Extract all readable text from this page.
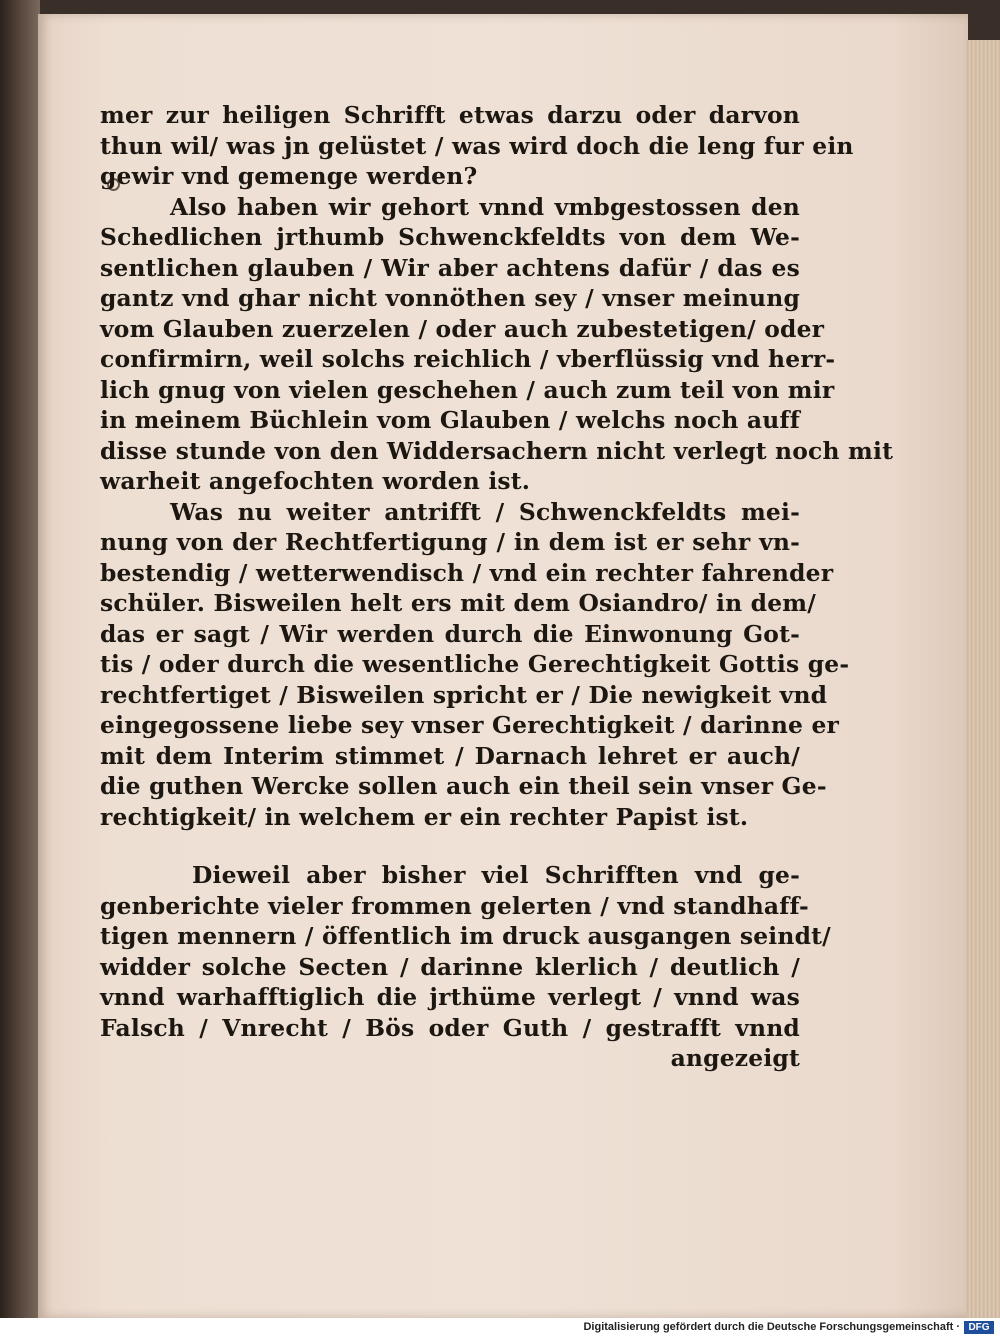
mer zur heiligen Schrifft etwas darzu oder darvon
thun wil/ was jn gelüstet / was wird doch die leng fur ein
gewir vnd gemenge werden?
Also haben wir gehort vnnd vmbgestossen den
Schedlichen jrthumb Schwenckfeldts von dem We-
sentlichen glauben / Wir aber achtens dafür / das es
gantz vnd ghar nicht vonnöthen sey / vnser meinung
vom Glauben zuerzelen / oder auch zubestetigen/ oder
confirmirn, weil solchs reichlich / vberflüssig vnd herr-
lich gnug von vielen geschehen / auch zum teil von mir
in meinem Büchlein vom Glauben / welchs noch auff
disse stunde von den Widdersachern nicht verlegt noch mit
warheit angefochten worden ist.
Was nu weiter antrifft / Schwenckfeldts mei-
nung von der Rechtfertigung / in dem ist er sehr vn-
bestendig / wetterwendisch / vnd ein rechter fahrender
schüler. Bisweilen helt ers mit dem Osiandro/ in dem/
das er sagt / Wir werden durch die Einwonung Got-
tis / oder durch die wesentliche Gerechtigkeit Gottis ge-
rechtfertiget / Bisweilen spricht er / Die newigkeit vnd
eingegossene liebe sey vnser Gerechtigkeit / darinne er
mit dem Interim stimmet / Darnach lehret er auch/
die guthen Wercke sollen auch ein theil sein vnser Ge-
rechtigkeit/ in welchem er ein rechter Papist ist.
Dieweil aber bisher viel Schrifften vnd ge-
genberichte vieler frommen gelerten / vnd standhaff-
tigen mennern / öffentlich im druck ausgangen seindt/
widder solche Secten / darinne klerlich / deutlich /
vnnd warhafftiglich die jrthüme verlegt / vnnd was
Falsch / Vnrecht / Bös oder Guth / gestrafft vnnd
angezeigt
Digitalisierung gefördert durch die Deutsche Forschungsgemeinschaft · DFG
